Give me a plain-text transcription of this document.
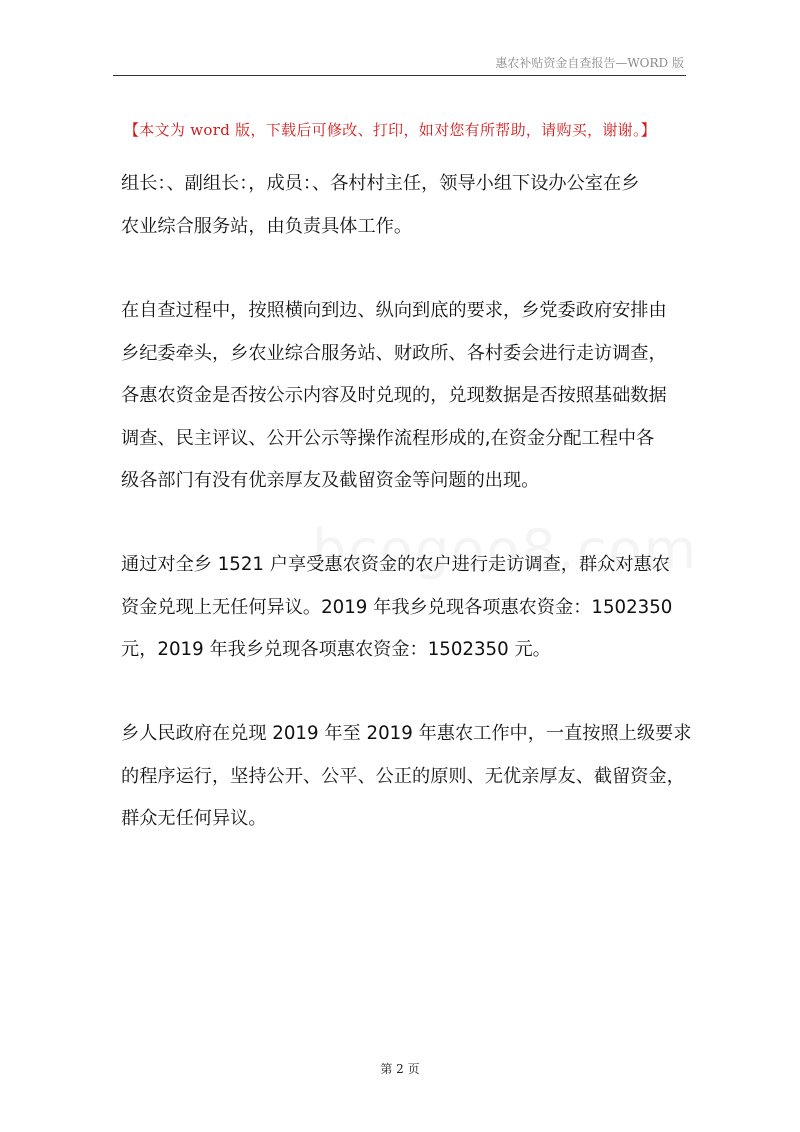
惠农补贴资金自查报告—WORD 版
【本文为 word 版，下载后可修改、打印，如对您有所帮助，请购买，谢谢。】
组长：、副组长：，成员：、各村村主任，领导小组下设办公室在乡
农业综合服务站，由负责具体工作。
在自查过程中，按照横向到边、纵向到底的要求，乡党委政府安排由
乡纪委牵头，乡农业综合服务站、财政所、各村委会进行走访调查，
各惠农资金是否按公示内容及时兑现的，兑现数据是否按照基础数据
调查、民主评议、公开公示等操作流程形成的,在资金分配工程中各
级各部门有没有优亲厚友及截留资金等问题的出现。
通过对全乡 1521 户享受惠农资金的农户进行走访调查，群众对惠农
资金兑现上无任何异议。2019 年我乡兑现各项惠农资金：1502350
元，2019 年我乡兑现各项惠农资金：1502350 元。
乡人民政府在兑现 2019 年至 2019 年惠农工作中，一直按照上级要求
的程序运行，坚持公开、公平、公正的原则、无优亲厚友、截留资金，
群众无任何异议。
第 2 页
